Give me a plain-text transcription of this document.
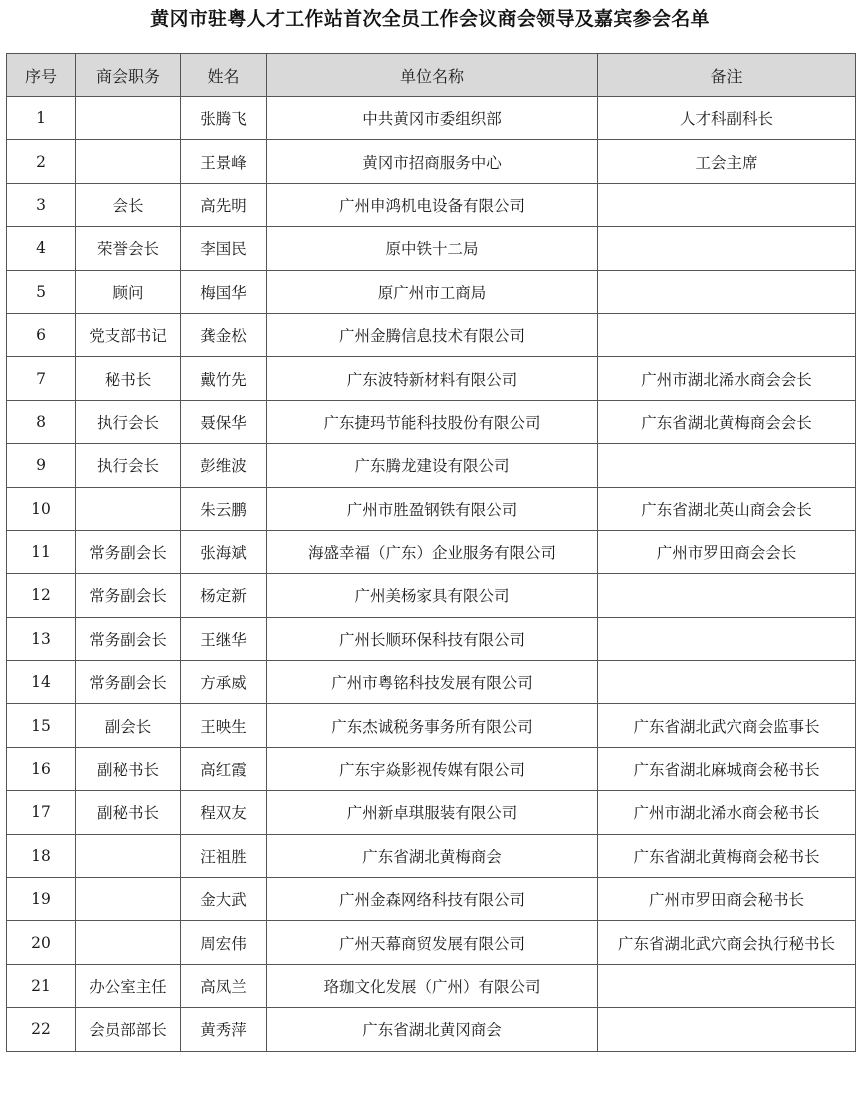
黄冈市驻粤人才工作站首次全员工作会议商会领导及嘉宾参会名单
序号	商会职务	姓名	单位名称	备注
1		张腾飞	中共黄冈市委组织部	人才科副科长
2		王景峰	黄冈市招商服务中心	工会主席
3	会长	高先明	广州申鸿机电设备有限公司	
4	荣誉会长	李国民	原中铁十二局	
5	顾问	梅国华	原广州市工商局	
6	党支部书记	龚金松	广州金腾信息技术有限公司	
7	秘书长	戴竹先	广东波特新材料有限公司	广州市湖北浠水商会会长
8	执行会长	聂保华	广东捷玛节能科技股份有限公司	广东省湖北黄梅商会会长
9	执行会长	彭维波	广东腾龙建设有限公司	
10		朱云鹏	广州市胜盈钢铁有限公司	广东省湖北英山商会会长
11	常务副会长	张海斌	海盛幸福（广东）企业服务有限公司	广州市罗田商会会长
12	常务副会长	杨定新	广州美杨家具有限公司	
13	常务副会长	王继华	广州长顺环保科技有限公司	
14	常务副会长	方承威	广州市粤铭科技发展有限公司	
15	副会长	王映生	广东杰诚税务事务所有限公司	广东省湖北武穴商会监事长
16	副秘书长	高红霞	广东宇焱影视传媒有限公司	广东省湖北麻城商会秘书长
17	副秘书长	程双友	广州新卓琪服装有限公司	广州市湖北浠水商会秘书长
18		汪祖胜	广东省湖北黄梅商会	广东省湖北黄梅商会秘书长
19		金大武	广州金森网络科技有限公司	广州市罗田商会秘书长
20		周宏伟	广州天幕商贸发展有限公司	广东省湖北武穴商会执行秘书长
21	办公室主任	高凤兰	珞珈文化发展（广州）有限公司	
22	会员部部长	黄秀萍	广东省湖北黄冈商会	
